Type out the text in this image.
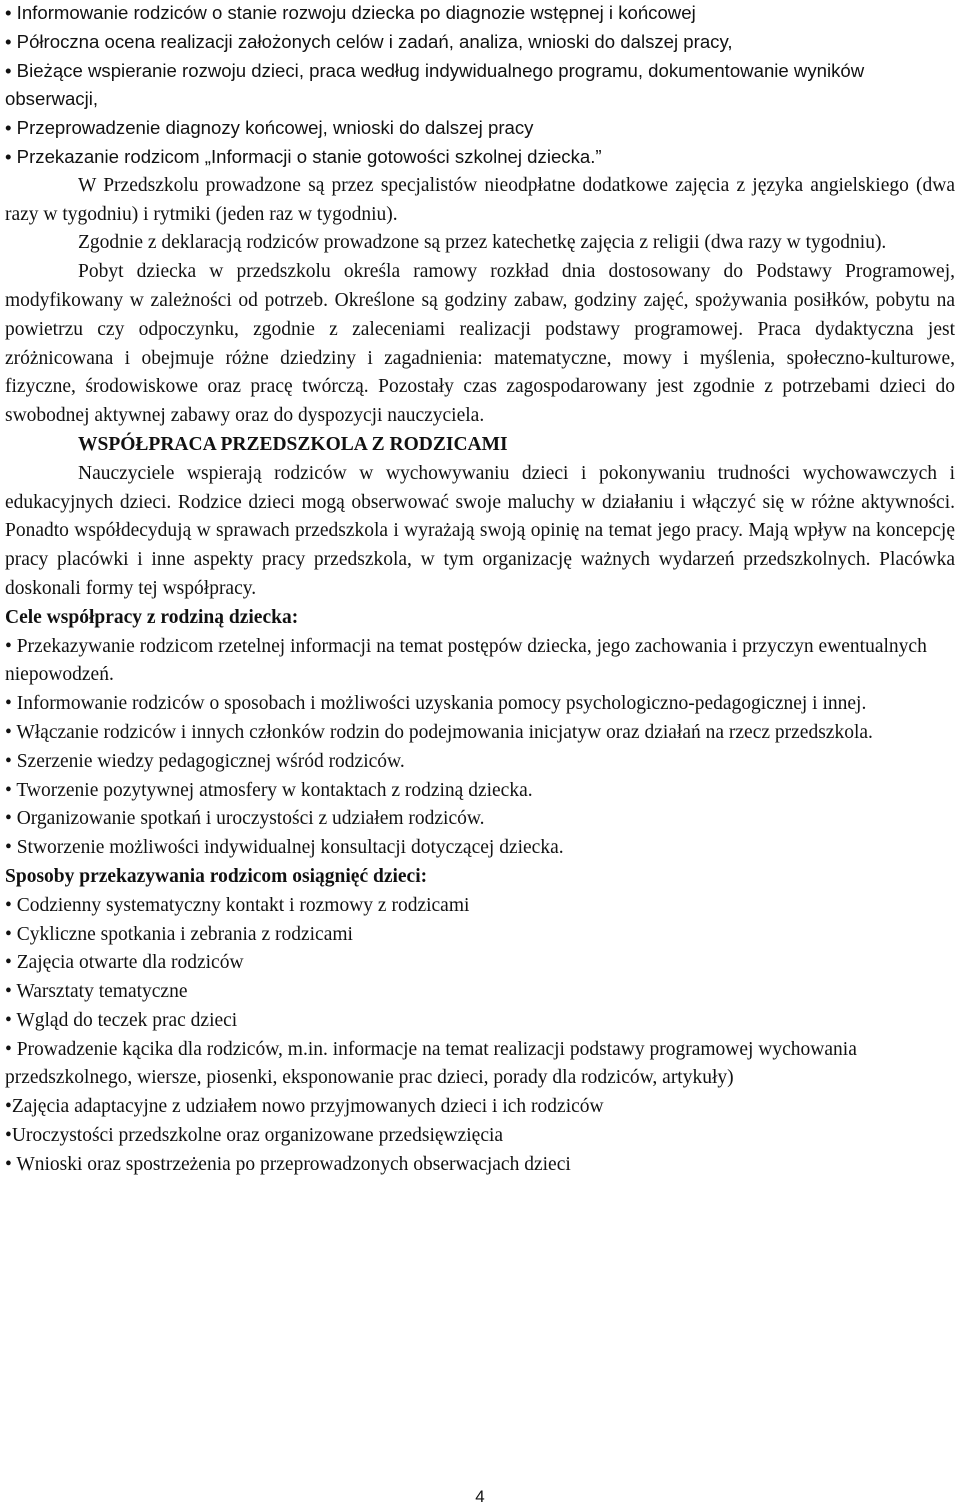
• Informowanie rodziców o stanie rozwoju dziecka po diagnozie wstępnej i końcowej

• Półroczna ocena realizacji założonych celów i zadań, analiza, wnioski do dalszej pracy,

• Bieżące wspieranie rozwoju dzieci, praca według indywidualnego programu, dokumentowanie wyników obserwacji,

• Przeprowadzenie diagnozy końcowej, wnioski do dalszej pracy

• Przekazanie rodzicom „Informacji o stanie gotowości szkolnej dziecka.”

W Przedszkolu prowadzone są przez specjalistów nieodpłatne dodatkowe zajęcia z języka angielskiego (dwa razy w tygodniu) i rytmiki (jeden raz w tygodniu).

Zgodnie z deklaracją rodziców prowadzone są przez katechetkę zajęcia z religii (dwa razy w tygodniu).

Pobyt dziecka w przedszkolu określa ramowy rozkład dnia dostosowany do Podstawy Programowej, modyfikowany w zależności od potrzeb. Określone są godziny zabaw, godziny zajęć, spożywania posiłków, pobytu na powietrzu czy odpoczynku, zgodnie z zaleceniami realizacji podstawy programowej. Praca dydaktyczna jest zróżnicowana i obejmuje różne dziedziny i zagadnienia: matematyczne, mowy i myślenia, społeczno-kulturowe, fizyczne, środowiskowe oraz pracę twórczą. Pozostały czas zagospodarowany jest zgodnie z potrzebami dzieci do swobodnej aktywnej zabawy oraz do dyspozycji nauczyciela.

WSPÓŁPRACA PRZEDSZKOLA Z RODZICAMI

Nauczyciele wspierają rodziców w wychowywaniu dzieci i pokonywaniu trudności wychowawczych i edukacyjnych dzieci. Rodzice dzieci mogą obserwować swoje maluchy w działaniu i włączyć się w różne aktywności. Ponadto współdecydują w sprawach przedszkola i wyrażają swoją opinię na temat jego pracy. Mają wpływ na koncepcję pracy placówki i inne aspekty pracy przedszkola, w tym organizację ważnych wydarzeń przedszkolnych. Placówka doskonali formy tej współpracy.

Cele współpracy z rodziną dziecka:

• Przekazywanie rodzicom rzetelnej informacji na temat postępów dziecka, jego zachowania i przyczyn ewentualnych niepowodzeń.

• Informowanie rodziców o sposobach i możliwości uzyskania pomocy psychologiczno-pedagogicznej i innej.

• Włączanie rodziców i innych członków rodzin do podejmowania inicjatyw oraz działań na rzecz przedszkola.

• Szerzenie wiedzy pedagogicznej wśród rodziców.

• Tworzenie pozytywnej atmosfery w kontaktach z rodziną dziecka.

• Organizowanie spotkań i uroczystości z udziałem rodziców.

• Stworzenie możliwości indywidualnej konsultacji dotyczącej dziecka.

Sposoby przekazywania rodzicom osiągnięć dzieci:

• Codzienny systematyczny kontakt i rozmowy z rodzicami

• Cykliczne spotkania i zebrania z rodzicami

• Zajęcia otwarte dla rodziców

• Warsztaty tematyczne

• Wgląd do teczek prac dzieci

• Prowadzenie kącika dla rodziców, m.in. informacje na temat realizacji podstawy programowej wychowania przedszkolnego, wiersze, piosenki, eksponowanie prac dzieci, porady dla rodziców, artykuły)

•Zajęcia adaptacyjne z udziałem nowo przyjmowanych dzieci i ich rodziców

•Uroczystości przedszkolne oraz organizowane przedsięwzięcia

• Wnioski oraz spostrzeżenia po przeprowadzonych obserwacjach dzieci

4
